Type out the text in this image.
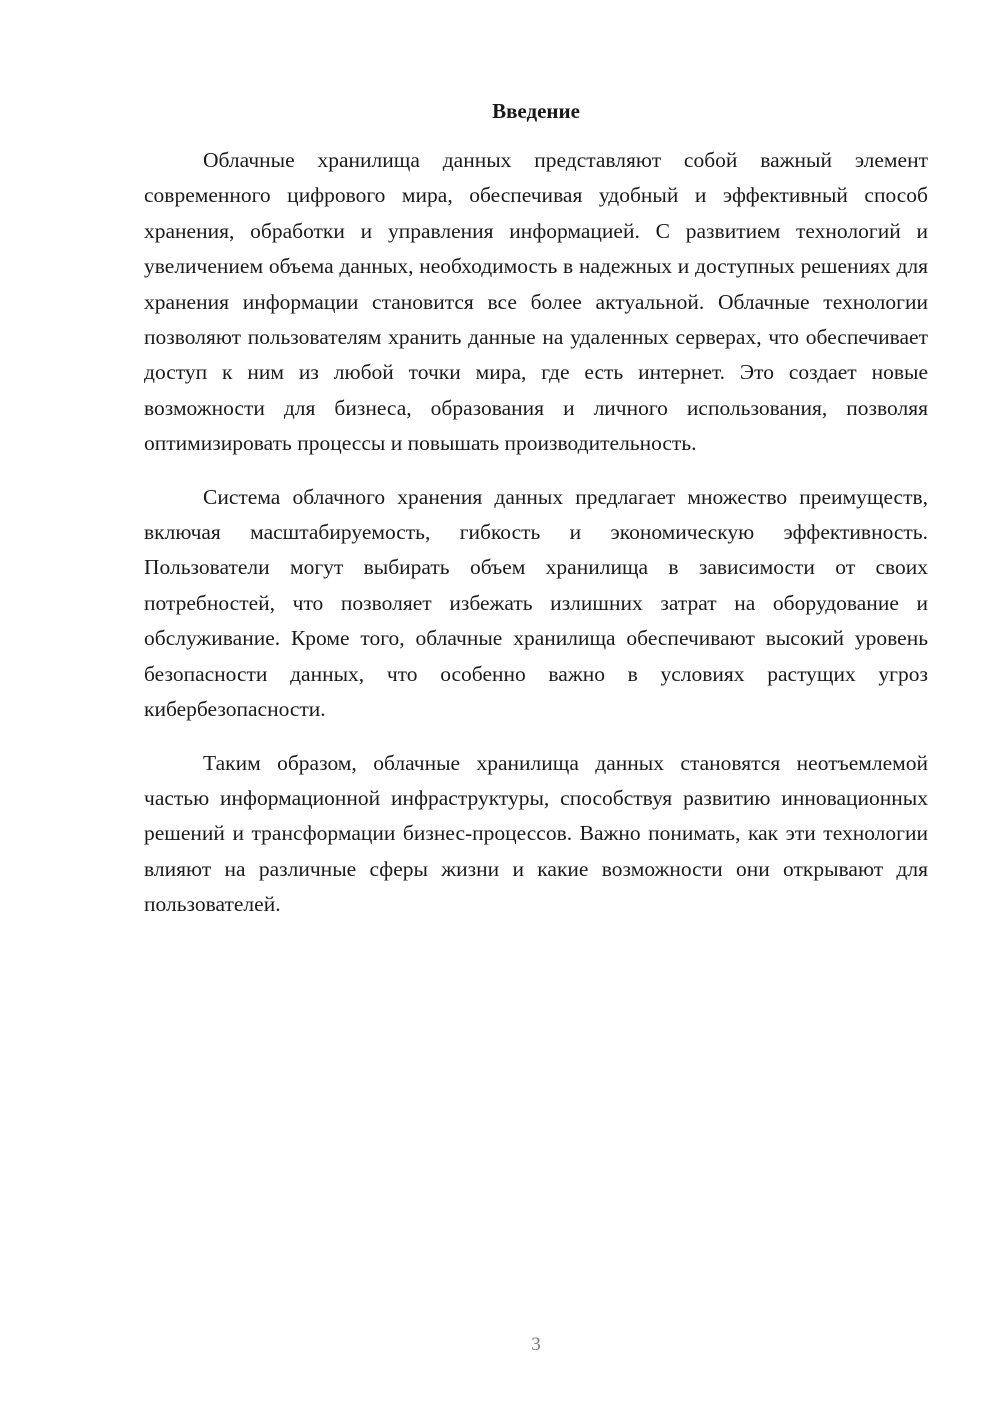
Введение

Облачные хранилища данных представляют собой важный элемент современного цифрового мира, обеспечивая удобный и эффективный способ хранения, обработки и управления информацией. С развитием технологий и увеличением объема данных, необходимость в надежных и доступных решениях для хранения информации становится все более актуальной. Облачные технологии позволяют пользователям хранить данные на удаленных серверах, что обеспечивает доступ к ним из любой точки мира, где есть интернет. Это создает новые возможности для бизнеса, образования и личного использования, позволяя оптимизировать процессы и повышать производительность.

Система облачного хранения данных предлагает множество преимуществ, включая масштабируемость, гибкость и экономическую эффективность. Пользователи могут выбирать объем хранилища в зависимости от своих потребностей, что позволяет избежать излишних затрат на оборудование и обслуживание. Кроме того, облачные хранилища обеспечивают высокий уровень безопасности данных, что особенно важно в условиях растущих угроз кибербезопасности.

Таким образом, облачные хранилища данных становятся неотъемлемой частью информационной инфраструктуры, способствуя развитию инновационных решений и трансформации бизнес-процессов. Важно понимать, как эти технологии влияют на различные сферы жизни и какие возможности они открывают для пользователей.

3
